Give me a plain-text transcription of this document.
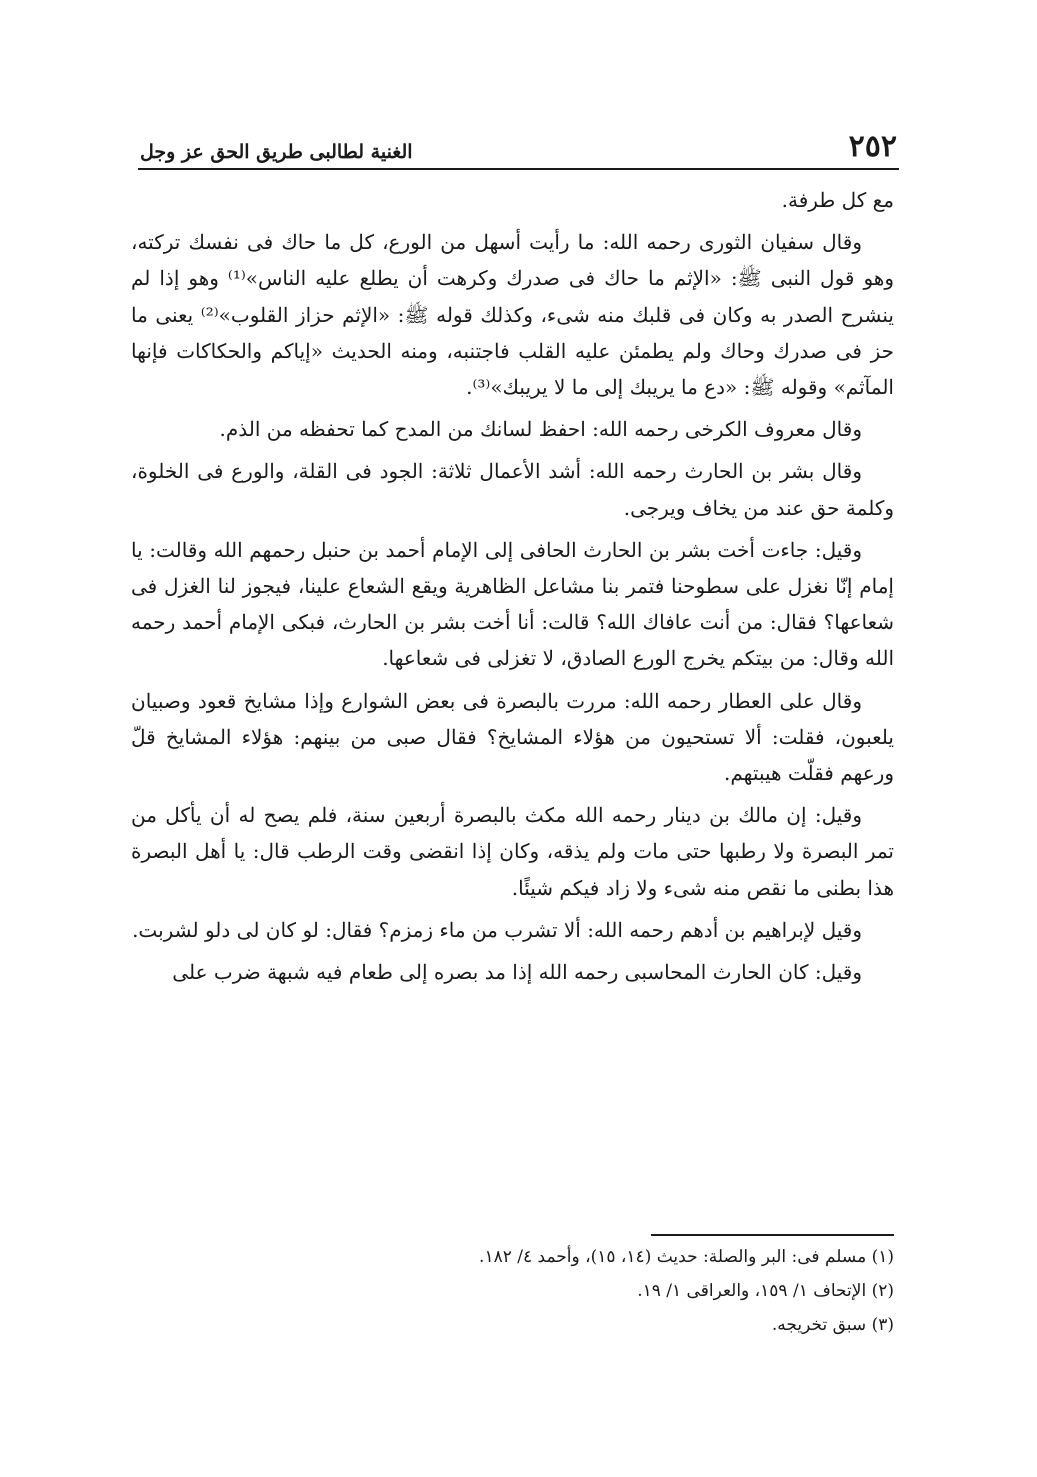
٢٥٢
الغنية لطالبى طريق الحق عز وجل

مع كل طرفة.

وقال سفيان الثورى رحمه الله: ما رأيت أسهل من الورع، كل ما حاك فى نفسك تركته، وهو قول النبى ﷺ: «الإثم ما حاك فى صدرك وكرهت أن يطلع عليه الناس»⁽¹⁾ وهو إذا لم ينشرح الصدر به وكان فى قلبك منه شىء، وكذلك قوله ﷺ: «الإثم حزاز القلوب»⁽²⁾ يعنى ما حز فى صدرك وحاك ولم يطمئن عليه القلب فاجتنبه، ومنه الحديث «إياكم والحكاكات فإنها المآثم» وقوله ﷺ: «دع ما يريبك إلى ما لا يريبك»⁽³⁾.

وقال معروف الكرخى رحمه الله: احفظ لسانك من المدح كما تحفظه من الذم.

وقال بشر بن الحارث رحمه الله: أشد الأعمال ثلاثة: الجود فى القلة، والورع فى الخلوة، وكلمة حق عند من يخاف ويرجى.

وقيل: جاءت أخت بشر بن الحارث الحافى إلى الإمام أحمد بن حنبل رحمهم الله وقالت: يا إمام إنّا نغزل على سطوحنا فتمر بنا مشاعل الظاهرية ويقع الشعاع علينا، فيجوز لنا الغزل فى شعاعها؟ فقال: من أنت عافاك الله؟ قالت: أنا أخت بشر بن الحارث، فبكى الإمام أحمد رحمه الله وقال: من بيتكم يخرج الورع الصادق، لا تغزلى فى شعاعها.

وقال على العطار رحمه الله: مررت بالبصرة فى بعض الشوارع وإذا مشايخ قعود وصبيان يلعبون، فقلت: ألا تستحيون من هؤلاء المشايخ؟ فقال صبى من بينهم: هؤلاء المشايخ قلّ ورعهم فقلّت هيبتهم.

وقيل: إن مالك بن دينار رحمه الله مكث بالبصرة أربعين سنة، فلم يصح له أن يأكل من تمر البصرة ولا رطبها حتى مات ولم يذقه، وكان إذا انقضى وقت الرطب قال: يا أهل البصرة هذا بطنى ما نقص منه شىء ولا زاد فيكم شيئًا.

وقيل لإبراهيم بن أدهم رحمه الله: ألا تشرب من ماء زمزم؟ فقال: لو كان لى دلو لشربت.

وقيل: كان الحارث المحاسبى رحمه الله إذا مد بصره إلى طعام فيه شبهة ضرب على

(١) مسلم فى: البر والصلة: حديث (١٤، ١٥)، وأحمد ٤/ ١٨٢.
(٢) الإتحاف ١/ ١٥٩، والعراقى ١/ ١٩.
(٣) سبق تخريجه.
